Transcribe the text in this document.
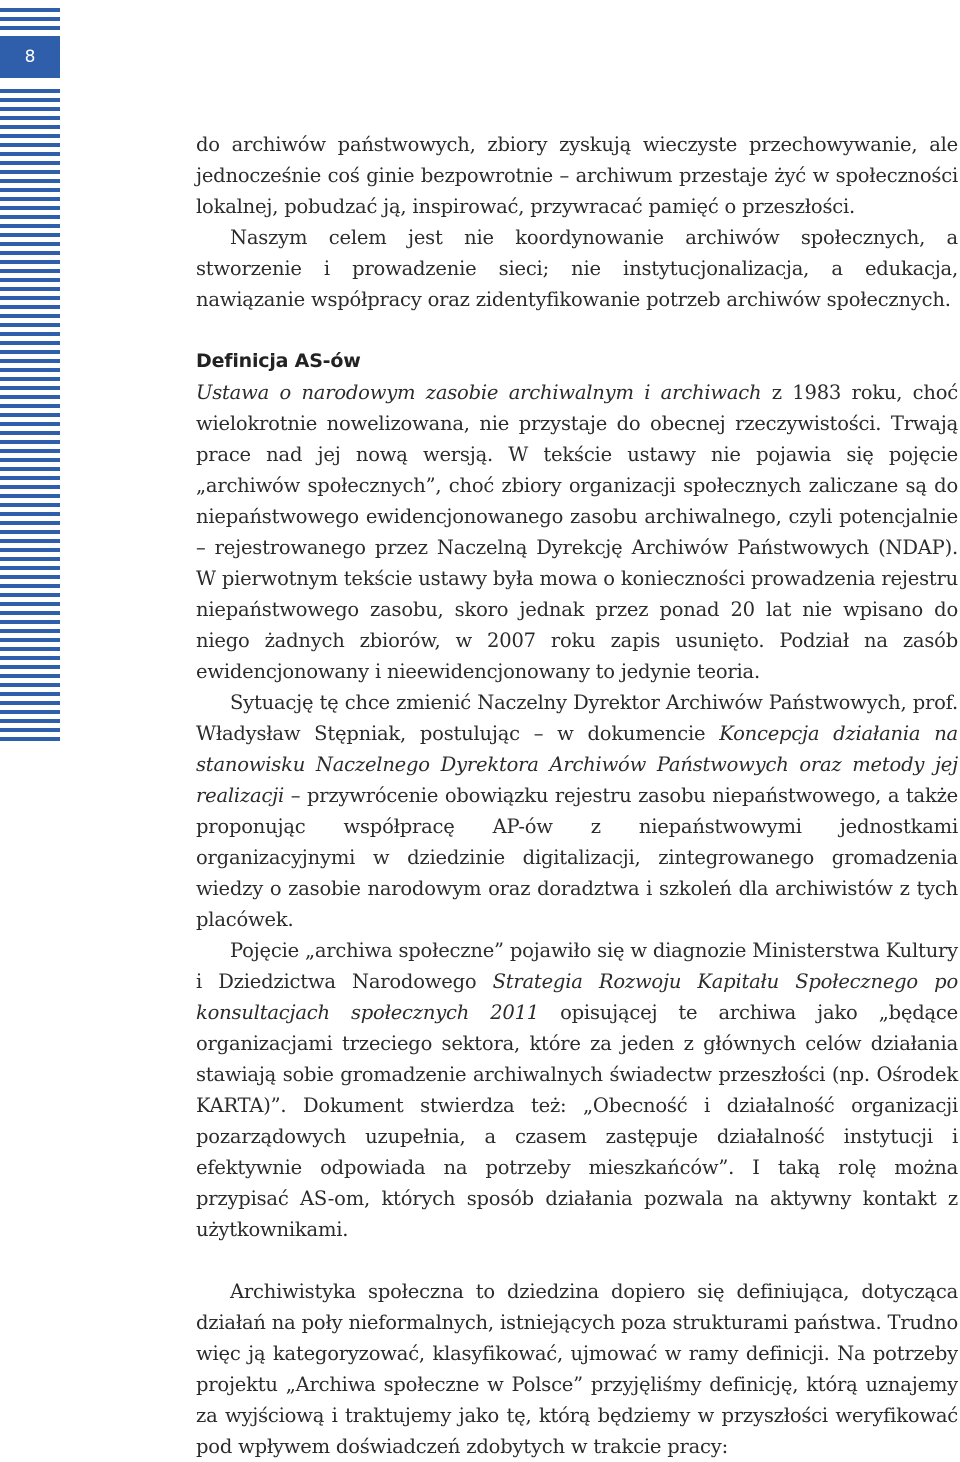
8

do archiwów państwowych, zbiory zyskują wieczyste przechowywanie, ale jednocześnie coś ginie bezpowrotnie – archiwum przestaje żyć w społeczności lokalnej, pobudzać ją, inspirować, przywracać pamięć o przeszłości.

Naszym celem jest nie koordynowanie archiwów społecznych, a stworzenie i prowadzenie sieci; nie instytucjonalizacja, a edukacja, nawiązanie współpracy oraz zidentyfikowanie potrzeb archiwów społecznych.

Definicja AS-ów

Ustawa o narodowym zasobie archiwalnym i archiwach z 1983 roku, choć wielokrotnie nowelizowana, nie przystaje do obecnej rzeczywistości. Trwają prace nad jej nową wersją. W tekście ustawy nie pojawia się pojęcie „archiwów społecznych”, choć zbiory organizacji społecznych zaliczane są do niepaństwowego ewidencjonowanego zasobu archiwalnego, czyli potencjalnie – rejestrowanego przez Naczelną Dyrekcję Archiwów Państwowych (NDAP). W pierwotnym tekście ustawy była mowa o konieczności prowadzenia rejestru niepaństwowego zasobu, skoro jednak przez ponad 20 lat nie wpisano do niego żadnych zbiorów, w 2007 roku zapis usunięto. Podział na zasób ewidencjonowany i nieewidencjonowany to jedynie teoria.

Sytuację tę chce zmienić Naczelny Dyrektor Archiwów Państwowych, prof. Władysław Stępniak, postulując – w dokumencie Koncepcja działania na stanowisku Naczelnego Dyrektora Archiwów Państwowych oraz metody jej realizacji – przywrócenie obowiązku rejestru zasobu niepaństwowego, a także proponując współpracę AP-ów z niepaństwowymi jednostkami organizacyjnymi w dziedzinie digitalizacji, zintegrowanego gromadzenia wiedzy o zasobie narodowym oraz doradztwa i szkoleń dla archiwistów z tych placówek.

Pojęcie „archiwa społeczne” pojawiło się w diagnozie Ministerstwa Kultury i Dziedzictwa Narodowego Strategia Rozwoju Kapitału Społecznego po konsultacjach społecznych 2011 opisującej te archiwa jako „będące organizacjami trzeciego sektora, które za jeden z głównych celów działania stawiają sobie gromadzenie archiwalnych świadectw przeszłości (np. Ośrodek KARTA)”. Dokument stwierdza też: „Obecność i działalność organizacji pozarządowych uzupełnia, a czasem zastępuje działalność instytucji i efektywnie odpowiada na potrzeby mieszkańców”. I taką rolę można przypisać AS-om, których sposób działania pozwala na aktywny kontakt z użytkownikami.

Archiwistyka społeczna to dziedzina dopiero się definiująca, dotycząca działań na poły nieformalnych, istniejących poza strukturami państwa. Trudno więc ją kategoryzować, klasyfikować, ujmować w ramy definicji. Na potrzeby projektu „Archiwa społeczne w Polsce” przyjęliśmy definicję, którą uznajemy za wyjściową i traktujemy jako tę, którą będziemy w przyszłości weryfikować pod wpływem doświadczeń zdobytych w trakcie pracy:
